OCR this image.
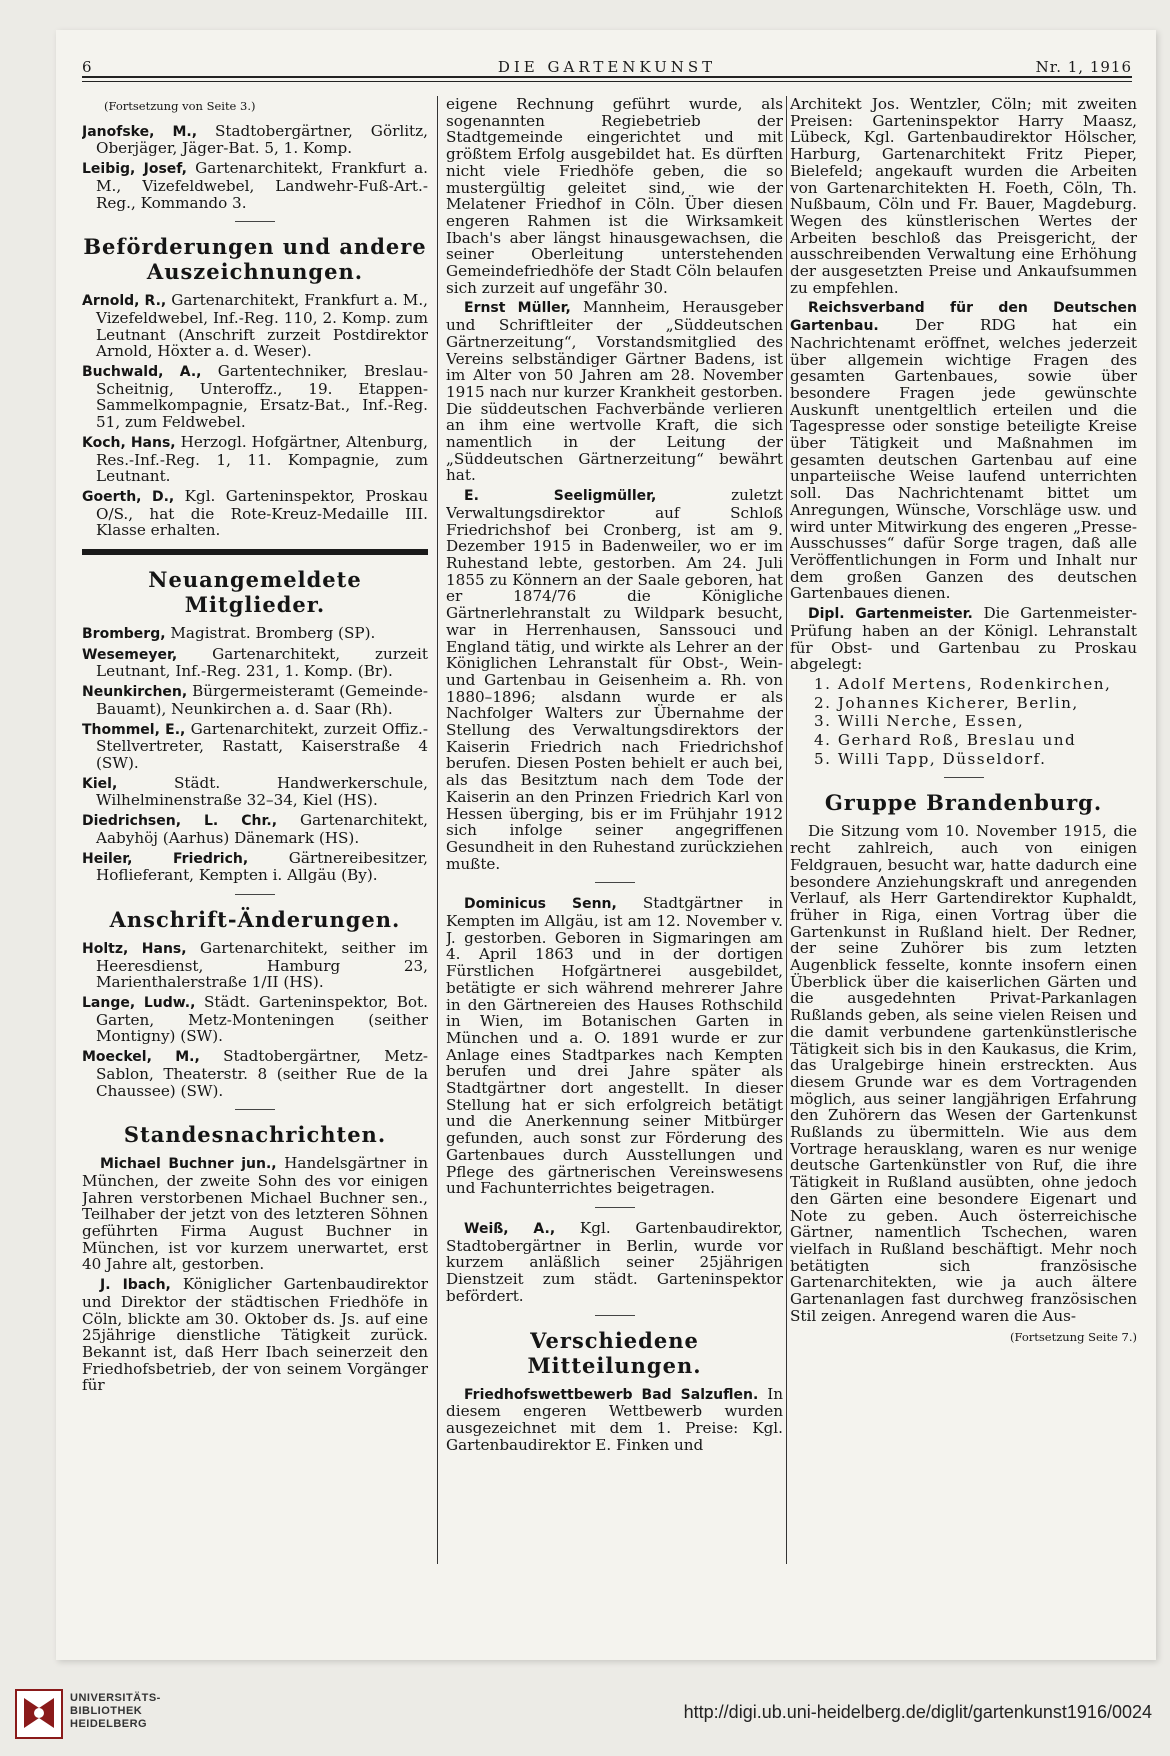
6	DIE GARTENKUNST	Nr. 1, 1916

(Fortsetzung von Seite 3.)

Janofske, M., Stadtobergärtner, Görlitz, Oberjäger, Jäger-Bat. 5, 1. Komp.

Leibig, Josef, Gartenarchitekt, Frankfurt a. M., Vizefeldwebel, Landwehr-Fuß-Art.-Reg., Kommando 3.

Beförderungen und andere Auszeichnungen.

Arnold, R., Gartenarchitekt, Frankfurt a. M., Vizefeldwebel, Inf.-Reg. 110, 2. Komp. zum Leutnant (Anschrift zurzeit Postdirektor Arnold, Höxter a. d. Weser).

Buchwald, A., Gartentechniker, Breslau-Scheitnig, Unteroffz., 19. Etappen-Sammelkompagnie, Ersatz-Bat., Inf.-Reg. 51, zum Feldwebel.

Koch, Hans, Herzogl. Hofgärtner, Altenburg, Res.-Inf.-Reg. 1, 11. Kompagnie, zum Leutnant.

Goerth, D., Kgl. Garteninspektor, Proskau O/S., hat die Rote-Kreuz-Medaille III. Klasse erhalten.

Neuangemeldete Mitglieder.

Bromberg, Magistrat. Bromberg (SP).

Wesemeyer, Gartenarchitekt, zurzeit Leutnant, Inf.-Reg. 231, 1. Komp. (Br).

Neunkirchen, Bürgermeisteramt (Gemeinde-Bauamt), Neunkirchen a. d. Saar (Rh).

Thommel, E., Gartenarchitekt, zurzeit Offiz.-Stellvertreter, Rastatt, Kaiserstraße 4 (SW).

Kiel, Städt. Handwerkerschule, Wilhelminenstraße 32–34, Kiel (HS).

Diedrichsen, L. Chr., Gartenarchitekt, Aabyhöj (Aarhus) Dänemark (HS).

Heiler, Friedrich, Gärtnereibesitzer, Hoflieferant, Kempten i. Allgäu (By).

Anschrift-Änderungen.

Holtz, Hans, Gartenarchitekt, seither im Heeresdienst, Hamburg 23, Marienthalerstraße 1/II (HS).

Lange, Ludw., Städt. Garteninspektor, Bot. Garten, Metz-Monteningen (seither Montigny) (SW).

Moeckel, M., Stadtobergärtner, Metz-Sablon, Theaterstr. 8 (seither Rue de la Chaussee) (SW).

Standesnachrichten.

Michael Buchner jun., Handelsgärtner in München, der zweite Sohn des vor einigen Jahren verstorbenen Michael Buchner sen., Teilhaber der jetzt von des letzteren Söhnen geführten Firma August Buchner in München, ist vor kurzem unerwartet, erst 40 Jahre alt, gestorben.

J. Ibach, Königlicher Gartenbaudirektor und Direktor der städtischen Friedhöfe in Cöln, blickte am 30. Oktober ds. Js. auf eine 25jährige dienstliche Tätigkeit zurück. Bekannt ist, daß Herr Ibach seinerzeit den Friedhofsbetrieb, der von seinem Vorgänger für

eigene Rechnung geführt wurde, als sogenannten Regiebetrieb der Stadtgemeinde eingerichtet und mit größtem Erfolg ausgebildet hat. Es dürften nicht viele Friedhöfe geben, die so mustergültig geleitet sind, wie der Melatener Friedhof in Cöln. Über diesen engeren Rahmen ist die Wirksamkeit Ibach's aber längst hinausgewachsen, die seiner Oberleitung unterstehenden Gemeindefriedhöfe der Stadt Cöln belaufen sich zurzeit auf ungefähr 30.

Ernst Müller, Mannheim, Herausgeber und Schriftleiter der „Süddeutschen Gärtnerzeitung“, Vorstandsmitglied des Vereins selbständiger Gärtner Badens, ist im Alter von 50 Jahren am 28. November 1915 nach nur kurzer Krankheit gestorben. Die süddeutschen Fachverbände verlieren an ihm eine wertvolle Kraft, die sich namentlich in der Leitung der „Süddeutschen Gärtnerzeitung“ bewährt hat.

E. Seeligmüller, zuletzt Verwaltungsdirektor auf Schloß Friedrichshof bei Cronberg, ist am 9. Dezember 1915 in Badenweiler, wo er im Ruhestand lebte, gestorben. Am 24. Juli 1855 zu Könnern an der Saale geboren, hat er 1874/76 die Königliche Gärtnerlehranstalt zu Wildpark besucht, war in Herrenhausen, Sanssouci und England tätig, und wirkte als Lehrer an der Königlichen Lehranstalt für Obst-, Wein- und Gartenbau in Geisenheim a. Rh. von 1880–1896; alsdann wurde er als Nachfolger Walters zur Übernahme der Stellung des Verwaltungsdirektors der Kaiserin Friedrich nach Friedrichshof berufen. Diesen Posten behielt er auch bei, als das Besitztum nach dem Tode der Kaiserin an den Prinzen Friedrich Karl von Hessen überging, bis er im Frühjahr 1912 sich infolge seiner angegriffenen Gesundheit in den Ruhestand zurückziehen mußte.

Dominicus Senn, Stadtgärtner in Kempten im Allgäu, ist am 12. November v. J. gestorben. Geboren in Sigmaringen am 4. April 1863 und in der dortigen Fürstlichen Hofgärtnerei ausgebildet, betätigte er sich während mehrerer Jahre in den Gärtnereien des Hauses Rothschild in Wien, im Botanischen Garten in München und a. O. 1891 wurde er zur Anlage eines Stadtparkes nach Kempten berufen und drei Jahre später als Stadtgärtner dort angestellt. In dieser Stellung hat er sich erfolgreich betätigt und die Anerkennung seiner Mitbürger gefunden, auch sonst zur Förderung des Gartenbaues durch Ausstellungen und Pflege des gärtnerischen Vereinswesens und Fachunterrichtes beigetragen.

Weiß, A., Kgl. Gartenbaudirektor, Stadtobergärtner in Berlin, wurde vor kurzem anläßlich seiner 25jährigen Dienstzeit zum städt. Garteninspektor befördert.

Verschiedene Mitteilungen.

Friedhofswettbewerb Bad Salzuflen. In diesem engeren Wettbewerb wurden ausgezeichnet mit dem 1. Preise: Kgl. Gartenbaudirektor E. Finken und

Architekt Jos. Wentzler, Cöln; mit zweiten Preisen: Garteninspektor Harry Maasz, Lübeck, Kgl. Gartenbaudirektor Hölscher, Harburg, Gartenarchitekt Fritz Pieper, Bielefeld; angekauft wurden die Arbeiten von Gartenarchitekten H. Foeth, Cöln, Th. Nußbaum, Cöln und Fr. Bauer, Magdeburg. Wegen des künstlerischen Wertes der Arbeiten beschloß das Preisgericht, der ausschreibenden Verwaltung eine Erhöhung der ausgesetzten Preise und Ankaufsummen zu empfehlen.

Reichsverband für den Deutschen Gartenbau. Der RDG hat ein Nachrichtenamt eröffnet, welches jederzeit über allgemein wichtige Fragen des gesamten Gartenbaues, sowie über besondere Fragen jede gewünschte Auskunft unentgeltlich erteilen und die Tagespresse oder sonstige beteiligte Kreise über Tätigkeit und Maßnahmen im gesamten deutschen Gartenbau auf eine unparteiische Weise laufend unterrichten soll. Das Nachrichtenamt bittet um Anregungen, Wünsche, Vorschläge usw. und wird unter Mitwirkung des engeren „Presse-Ausschusses“ dafür Sorge tragen, daß alle Veröffentlichungen in Form und Inhalt nur dem großen Ganzen des deutschen Gartenbaues dienen.

Dipl. Gartenmeister. Die Gartenmeister-Prüfung haben an der Königl. Lehranstalt für Obst- und Gartenbau zu Proskau abgelegt:

1. Adolf Mertens, Rodenkirchen,

2. Johannes Kicherer, Berlin,

3. Willi Nerche, Essen,

4. Gerhard Roß, Breslau und

5. Willi Tapp, Düsseldorf.

Gruppe Brandenburg.

Die Sitzung vom 10. November 1915, die recht zahlreich, auch von einigen Feldgrauen, besucht war, hatte dadurch eine besondere Anziehungskraft und anregenden Verlauf, als Herr Gartendirektor Kuphaldt, früher in Riga, einen Vortrag über die Gartenkunst in Rußland hielt. Der Redner, der seine Zuhörer bis zum letzten Augenblick fesselte, konnte insofern einen Überblick über die kaiserlichen Gärten und die ausgedehnten Privat-Parkanlagen Rußlands geben, als seine vielen Reisen und die damit verbundene gartenkünstlerische Tätigkeit sich bis in den Kaukasus, die Krim, das Uralgebirge hinein erstreckten. Aus diesem Grunde war es dem Vortragenden möglich, aus seiner langjährigen Erfahrung den Zuhörern das Wesen der Gartenkunst Rußlands zu übermitteln. Wie aus dem Vortrage herausklang, waren es nur wenige deutsche Gartenkünstler von Ruf, die ihre Tätigkeit in Rußland ausübten, ohne jedoch den Gärten eine besondere Eigenart und Note zu geben. Auch österreichische Gärtner, namentlich Tschechen, waren vielfach in Rußland beschäftigt. Mehr noch betätigten sich französische Gartenarchitekten, wie ja auch ältere Gartenanlagen fast durchweg französischen Stil zeigen. Anregend waren die Aus-

(Fortsetzung Seite 7.)

UNIVERSITÄTS-
BIBLIOTHEK
HEIDELBERG
http://digi.ub.uni-heidelberg.de/diglit/gartenkunst1916/0024
